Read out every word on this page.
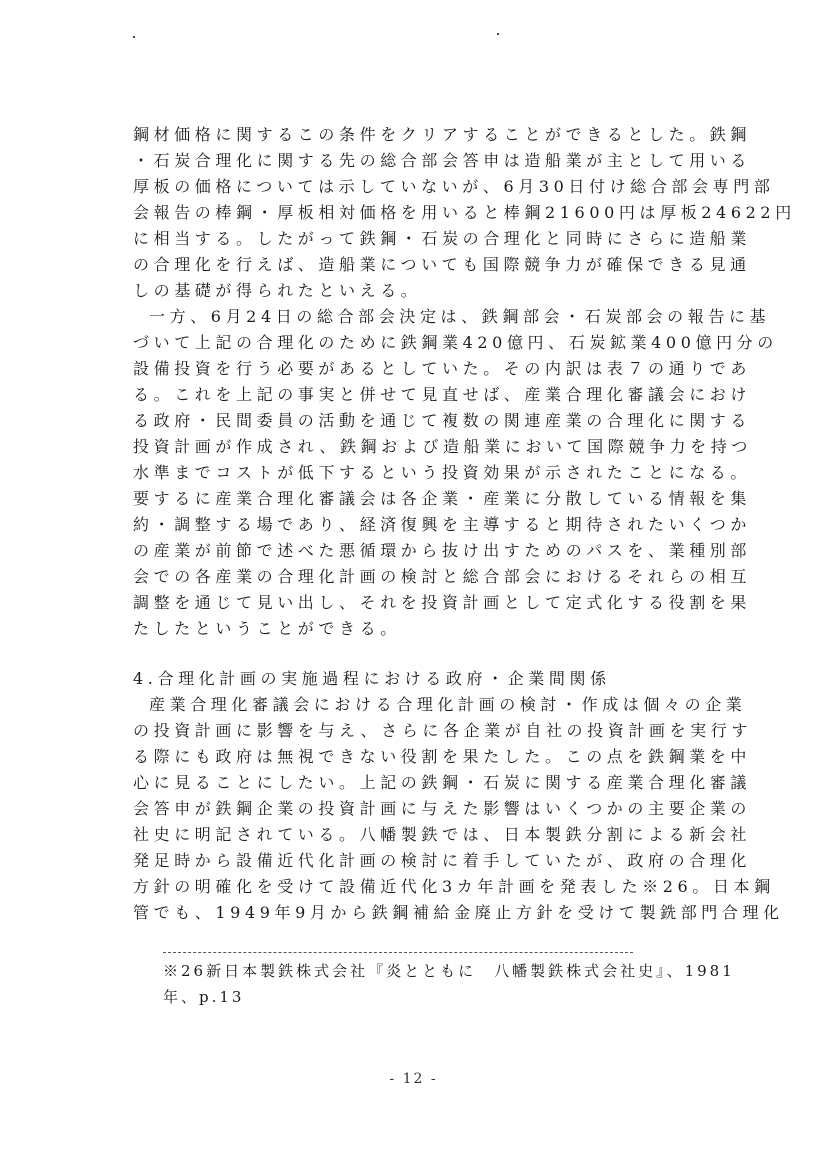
鋼材価格に関するこの条件をクリアすることができるとした。鉄鋼
・石炭合理化に関する先の総合部会答申は造船業が主として用いる
厚板の価格については示していないが、6月30日付け総合部会専門部
会報告の棒鋼・厚板相対価格を用いると棒鋼21600円は厚板24622円
に相当する。したがって鉄鋼・石炭の合理化と同時にさらに造船業
の合理化を行えば、造船業についても国際競争力が確保できる見通
しの基礎が得られたといえる。
一方、6月24日の総合部会決定は、鉄鋼部会・石炭部会の報告に基
づいて上記の合理化のために鉄鋼業420億円、石炭鉱業400億円分の
設備投資を行う必要があるとしていた。その内訳は表７の通りであ
る。これを上記の事実と併せて見直せば、産業合理化審議会におけ
る政府・民間委員の活動を通じて複数の関連産業の合理化に関する
投資計画が作成され、鉄鋼および造船業において国際競争力を持つ
水準までコストが低下するという投資効果が示されたことになる。
要するに産業合理化審議会は各企業・産業に分散している情報を集
約・調整する場であり、経済復興を主導すると期待されたいくつか
の産業が前節で述べた悪循環から抜け出すためのパスを、業種別部
会での各産業の合理化計画の検討と総合部会におけるそれらの相互
調整を通じて見い出し、それを投資計画として定式化する役割を果
たしたということができる。
4.合理化計画の実施過程における政府・企業間関係
産業合理化審議会における合理化計画の検討・作成は個々の企業
の投資計画に影響を与え、さらに各企業が自社の投資計画を実行す
る際にも政府は無視できない役割を果たした。この点を鉄鋼業を中
心に見ることにしたい。上記の鉄鋼・石炭に関する産業合理化審議
会答申が鉄鋼企業の投資計画に与えた影響はいくつかの主要企業の
社史に明記されている。八幡製鉄では、日本製鉄分割による新会社
発足時から設備近代化計画の検討に着手していたが、政府の合理化
方針の明確化を受けて設備近代化3カ年計画を発表した※26。日本鋼
管でも、1949年9月から鉄鋼補給金廃止方針を受けて製銑部門合理化
※26新日本製鉄株式会社『炎とともに　八幡製鉄株式会社史』、1981
年、p.13
- 12 -
